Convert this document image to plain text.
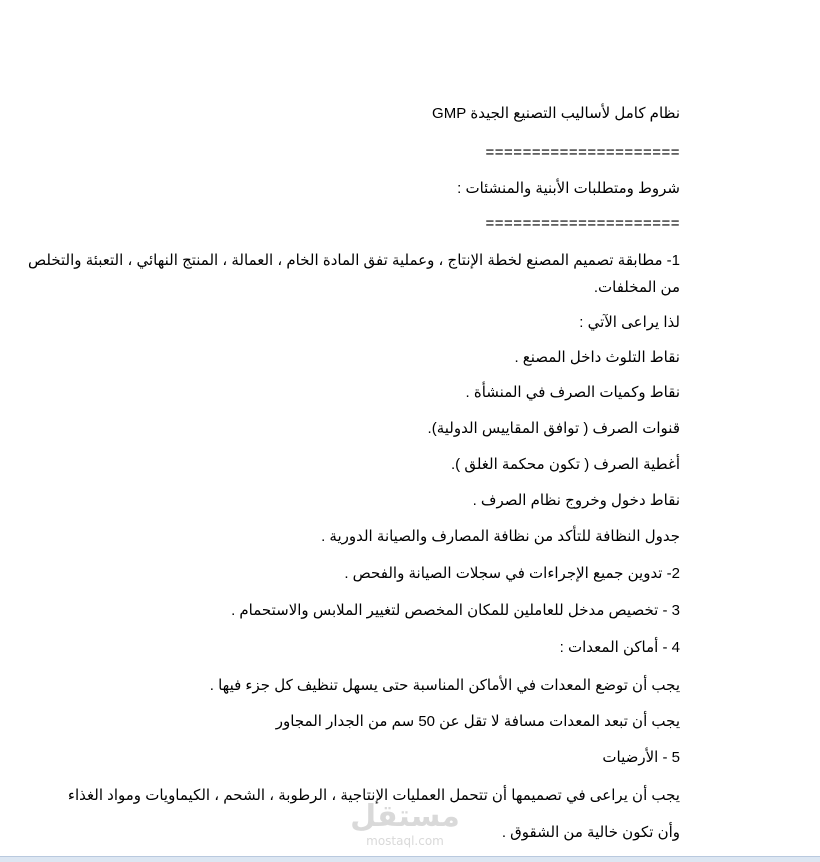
نظام كامل لأساليب التصنيع الجيدة GMP
=====================
شروط ومتطلبات الأبنية والمنشئات :
=====================
1- مطابقة تصميم المصنع لخطة الإنتاج ، وعملية تفق المادة الخام ، العمالة ، المنتج النهائي ، التعبئة والتخلص من المخلفات.
لذا يراعى الآتي :
نقاط التلوث داخل المصنع .
نقاط وكميات الصرف في المنشأة .
قنوات الصرف ( توافق المقاييس الدولية).
أغطية الصرف ( تكون محكمة الغلق ).
نقاط دخول وخروج نظام الصرف .
جدول النظافة للتأكد من نظافة المصارف والصيانة الدورية .
2- تدوين جميع الإجراءات في سجلات الصيانة والفحص .
3 - تخصيص مدخل للعاملين للمكان المخصص لتغيير الملابس والاستحمام .
4 - أماكن المعدات :
يجب أن توضع المعدات في الأماكن المناسبة حتى يسهل تنظيف كل جزء فيها .
يجب أن تبعد المعدات مسافة لا تقل عن 50 سم من الجدار المجاور
5 - الأرضيات
يجب أن يراعى في تصميمها أن تتحمل العمليات الإنتاجية ، الرطوبة ، الشحم ، الكيماويات ومواد الغذاء
وأن تكون خالية من الشقوق .
مستقل
mostaql.com
